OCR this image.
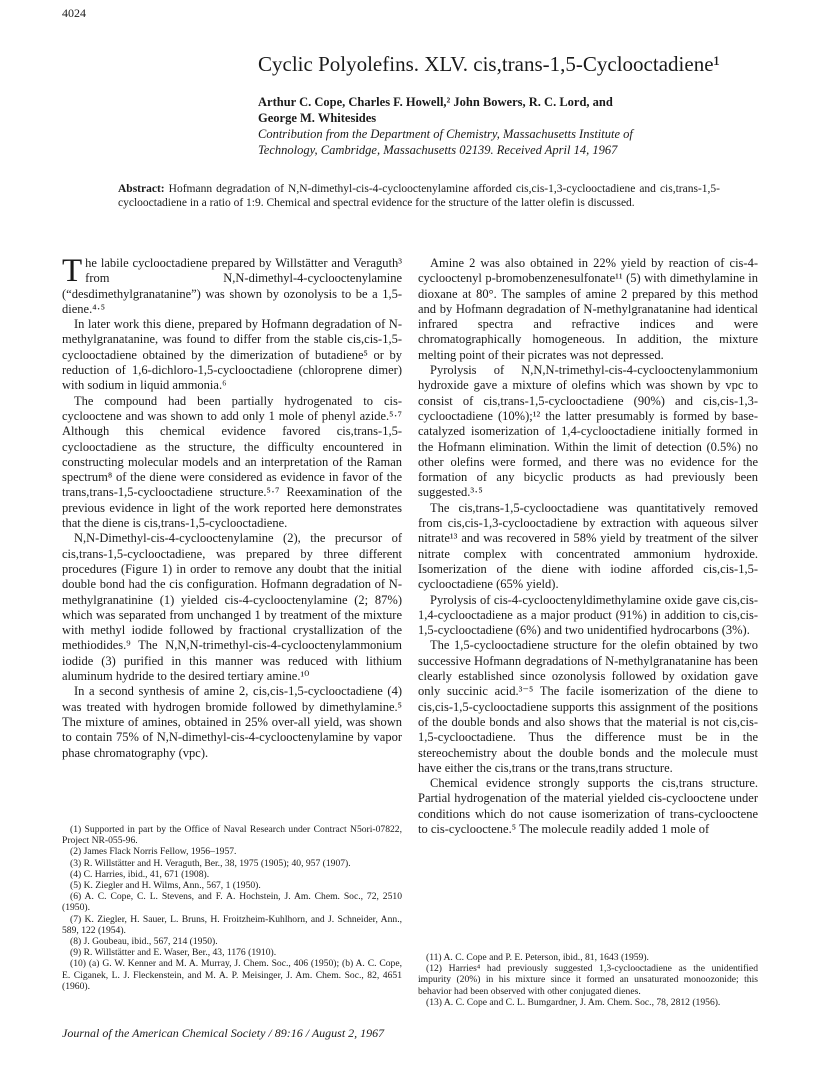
4024
Cyclic Polyolefins. XLV. cis,trans-1,5-Cyclooctadiene¹
Arthur C. Cope, Charles F. Howell,² John Bowers, R. C. Lord, and
George M. Whitesides
Contribution from the Department of Chemistry, Massachusetts Institute of
Technology, Cambridge, Massachusetts 02139. Received April 14, 1967
Abstract: Hofmann degradation of N,N-dimethyl-cis-4-cyclooctenylamine afforded cis,cis-1,3-cyclooctadiene and cis,trans-1,5-cyclooctadiene in a ratio of 1:9. Chemical and spectral evidence for the structure of the latter olefin is discussed.

The labile cyclooctadiene prepared by Willstätter and Veraguth³ from N,N-dimethyl-4-cyclooctenylamine (“desdimethylgranatanine”) was shown by ozonolysis to be a 1,5-diene.⁴·⁵

In later work this diene, prepared by Hofmann degradation of N-methylgranatanine, was found to differ from the stable cis,cis-1,5-cyclooctadiene obtained by the dimerization of butadiene⁵ or by reduction of 1,6-dichloro-1,5-cyclooctadiene (chloroprene dimer) with sodium in liquid ammonia.⁶

The compound had been partially hydrogenated to cis-cyclooctene and was shown to add only 1 mole of phenyl azide.⁵·⁷ Although this chemical evidence favored cis,trans-1,5-cyclooctadiene as the structure, the difficulty encountered in constructing molecular models and an interpretation of the Raman spectrum⁸ of the diene were considered as evidence in favor of the trans,trans-1,5-cyclooctadiene structure.⁵·⁷ Reexamination of the previous evidence in light of the work reported here demonstrates that the diene is cis,trans-1,5-cyclooctadiene.

N,N-Dimethyl-cis-4-cyclooctenylamine (2), the precursor of cis,trans-1,5-cyclooctadiene, was prepared by three different procedures (Figure 1) in order to remove any doubt that the initial double bond had the cis configuration. Hofmann degradation of N-methylgranatinine (1) yielded cis-4-cyclooctenylamine (2; 87%) which was separated from unchanged 1 by treatment of the mixture with methyl iodide followed by fractional crystallization of the methiodides.⁹ The N,N,N-trimethyl-cis-4-cyclooctenylammonium iodide (3) purified in this manner was reduced with lithium aluminum hydride to the desired tertiary amine.¹⁰

In a second synthesis of amine 2, cis,cis-1,5-cyclooctadiene (4) was treated with hydrogen bromide followed by dimethylamine.⁵ The mixture of amines, obtained in 25% over-all yield, was shown to contain 75% of N,N-dimethyl-cis-4-cyclooctenylamine by vapor phase chromatography (vpc).

Amine 2 was also obtained in 22% yield by reaction of cis-4-cyclooctenyl p-bromobenzenesulfonate¹¹ (5) with dimethylamine in dioxane at 80°. The samples of amine 2 prepared by this method and by Hofmann degradation of N-methylgranatanine had identical infrared spectra and refractive indices and were chromatographically homogeneous. In addition, the mixture melting point of their picrates was not depressed.

Pyrolysis of N,N,N-trimethyl-cis-4-cyclooctenylammonium hydroxide gave a mixture of olefins which was shown by vpc to consist of cis,trans-1,5-cyclooctadiene (90%) and cis,cis-1,3-cyclooctadiene (10%);¹² the latter presumably is formed by base-catalyzed isomerization of 1,4-cyclooctadiene initially formed in the Hofmann elimination. Within the limit of detection (0.5%) no other olefins were formed, and there was no evidence for the formation of any bicyclic products as had previously been suggested.³·⁵

The cis,trans-1,5-cyclooctadiene was quantitatively removed from cis,cis-1,3-cyclooctadiene by extraction with aqueous silver nitrate¹³ and was recovered in 58% yield by treatment of the silver nitrate complex with concentrated ammonium hydroxide. Isomerization of the diene with iodine afforded cis,cis-1,5-cyclooctadiene (65% yield).

Pyrolysis of cis-4-cyclooctenyldimethylamine oxide gave cis,cis-1,4-cyclooctadiene as a major product (91%) in addition to cis,cis-1,5-cyclooctadiene (6%) and two unidentified hydrocarbons (3%).

The 1,5-cyclooctadiene structure for the olefin obtained by two successive Hofmann degradations of N-methylgranatanine has been clearly established since ozonolysis followed by oxidation gave only succinic acid.³⁻⁵ The facile isomerization of the diene to cis,cis-1,5-cyclooctadiene supports this assignment of the positions of the double bonds and also shows that the material is not cis,cis-1,5-cyclooctadiene. Thus the difference must be in the stereochemistry about the double bonds and the molecule must have either the cis,trans or the trans,trans structure.

Chemical evidence strongly supports the cis,trans structure. Partial hydrogenation of the material yielded cis-cyclooctene under conditions which do not cause isomerization of trans-cyclooctene to cis-cyclooctene.⁵ The molecule readily added 1 mole of

(1) Supported in part by the Office of Naval Research under Contract N5ori-07822, Project NR-055-96.

(2) James Flack Norris Fellow, 1956–1957.

(3) R. Willstätter and H. Veraguth, Ber., 38, 1975 (1905); 40, 957 (1907).

(4) C. Harries, ibid., 41, 671 (1908).

(5) K. Ziegler and H. Wilms, Ann., 567, 1 (1950).

(6) A. C. Cope, C. L. Stevens, and F. A. Hochstein, J. Am. Chem. Soc., 72, 2510 (1950).

(7) K. Ziegler, H. Sauer, L. Bruns, H. Froitzheim-Kuhlhorn, and J. Schneider, Ann., 589, 122 (1954).

(8) J. Goubeau, ibid., 567, 214 (1950).

(9) R. Willstätter and E. Waser, Ber., 43, 1176 (1910).

(10) (a) G. W. Kenner and M. A. Murray, J. Chem. Soc., 406 (1950); (b) A. C. Cope, E. Ciganek, L. J. Fleckenstein, and M. A. P. Meisinger, J. Am. Chem. Soc., 82, 4651 (1960).

(11) A. C. Cope and P. E. Peterson, ibid., 81, 1643 (1959).

(12) Harries⁴ had previously suggested 1,3-cyclooctadiene as the unidentified impurity (20%) in his mixture since it formed an unsaturated monoozonide; this behavior had been observed with other conjugated dienes.

(13) A. C. Cope and C. L. Bumgardner, J. Am. Chem. Soc., 78, 2812 (1956).

Journal of the American Chemical Society / 89:16 / August 2, 1967
